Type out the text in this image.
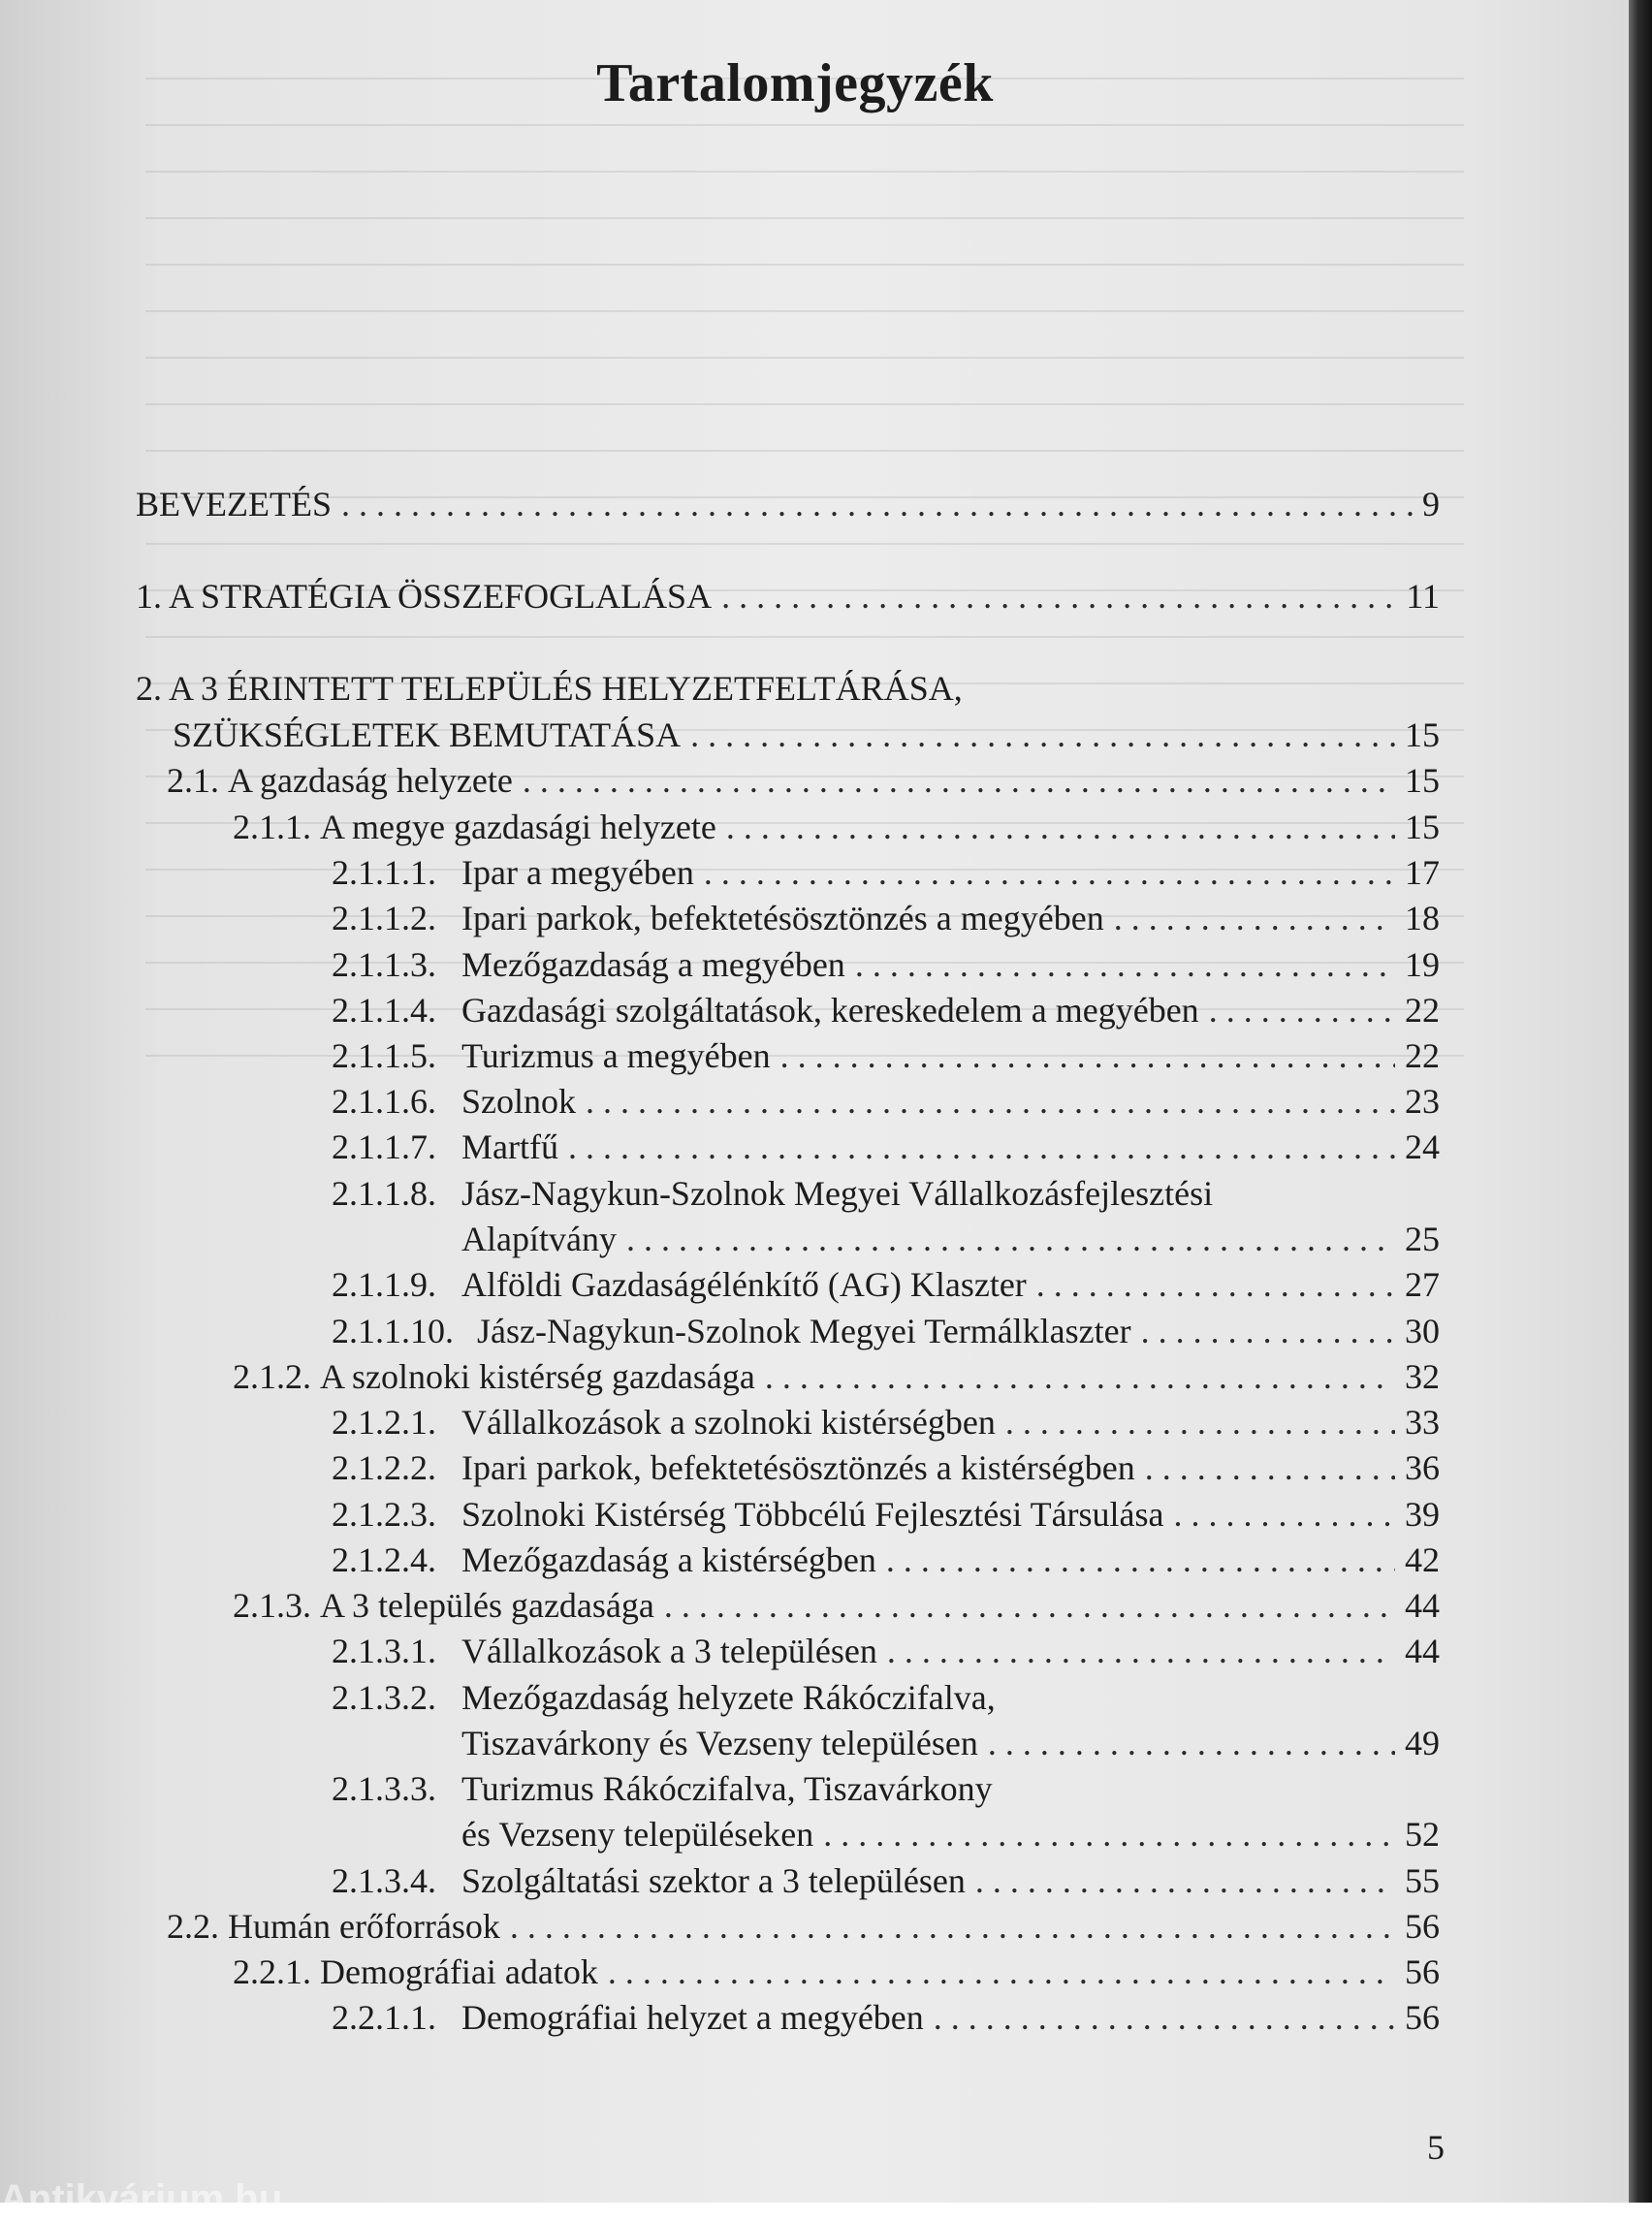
Tartalomjegyzék
BEVEZETÉS . . .	9
1. A STRATÉGIA ÖSSZEFOGLALÁSA . . .	11
2. A 3 ÉRINTETT TELEPÜLÉS HELYZETFELTÁRÁSA,
SZÜKSÉGLETEK BEMUTATÁSA . . .	15
2.1.
A gazdaság helyzete . . .	15
2.1.1.
A megye gazdasági helyzete . . .	15
2.1.1.1. Ipar a megyében . . .	17
2.1.1.2. Ipari parkok, befektetésösztönzés a megyében . . .	18
2.1.1.3. Mezőgazdaság a megyében . . .	19
2.1.1.4. Gazdasági szolgáltatások, kereskedelem a megyében . . .	22
2.1.1.5. Turizmus a megyében . . .	22
2.1.1.6. Szolnok . . .	23
2.1.1.7. Martfű . . .	24
2.1.1.8. Jász-Nagykun-Szolnok Megyei Vállalkozásfejlesztési
Alapítvány . . .	25
2.1.1.9. Alföldi Gazdaságélénkítő (AG) Klaszter . . .	27
2.1.1.10. Jász-Nagykun-Szolnok Megyei Termálklaszter . . .	30
2.1.2.
A szolnoki kistérség gazdasága . . .	32
2.1.2.1. Vállalkozások a szolnoki kistérségben . . .	33
2.1.2.2. Ipari parkok, befektetésösztönzés a kistérségben . . .	36
2.1.2.3. Szolnoki Kistérség Többcélú Fejlesztési Társulása . . .	39
2.1.2.4. Mezőgazdaság a kistérségben . . .	42
2.1.3.
A 3 település gazdasága . . .	44
2.1.3.1. Vállalkozások a 3 településen . . .	44
2.1.3.2. Mezőgazdaság helyzete Rákóczifalva,
Tiszavárkony és Vezseny településen . . .	49
2.1.3.3. Turizmus Rákóczifalva, Tiszavárkony
és Vezseny településeken . . .	52
2.1.3.4. Szolgáltatási szektor a 3 településen . . .	55
2.2.
Humán erőforrások . . .	56
2.2.1.
Demográfiai adatok . . .	56
2.2.1.1. Demográfiai helyzet a megyében . . .	56
5
Antikvárium.hu
